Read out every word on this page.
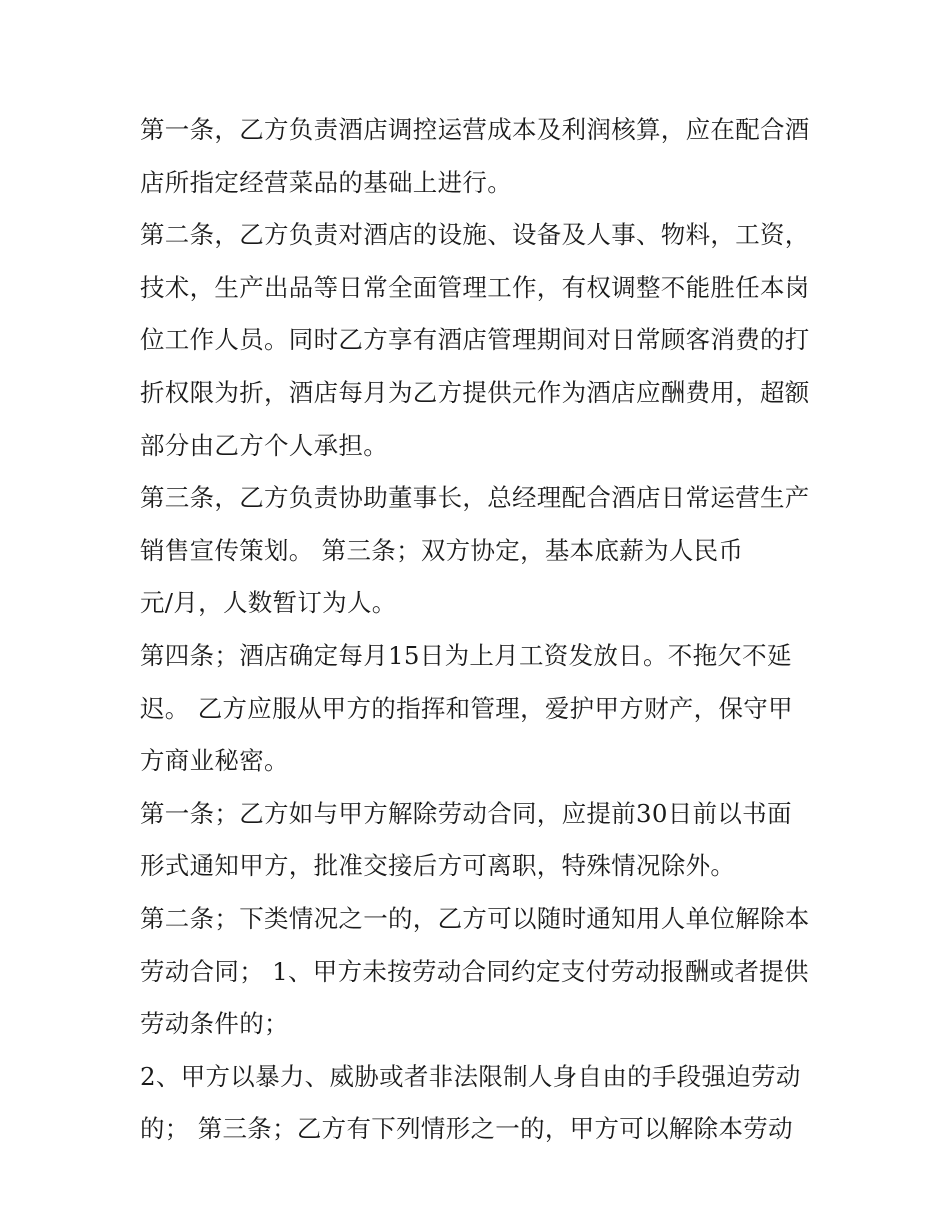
第一条，乙方负责酒店调控运营成本及利润核算，应在配合酒
店所指定经营菜品的基础上进行。
第二条，乙方负责对酒店的设施、设备及人事、物料，工资，
技术，生产出品等日常全面管理工作，有权调整不能胜任本岗
位工作人员。同时乙方享有酒店管理期间对日常顾客消费的打
折权限为折，酒店每月为乙方提供元作为酒店应酬费用，超额
部分由乙方个人承担。
第三条，乙方负责协助董事长，总经理配合酒店日常运营生产
销售宣传策划。 第三条；双方协定，基本底薪为人民币
元/月，人数暂订为人。
第四条；酒店确定每月15日为上月工资发放日。不拖欠不延
迟。 乙方应服从甲方的指挥和管理，爱护甲方财产，保守甲
方商业秘密。
第一条；乙方如与甲方解除劳动合同，应提前30日前以书面
形式通知甲方，批准交接后方可离职，特殊情况除外。
第二条；下类情况之一的，乙方可以随时通知用人单位解除本
劳动合同； 1、甲方未按劳动合同约定支付劳动报酬或者提供
劳动条件的；
2、甲方以暴力、威胁或者非法限制人身自由的手段强迫劳动
的； 第三条；乙方有下列情形之一的，甲方可以解除本劳动
